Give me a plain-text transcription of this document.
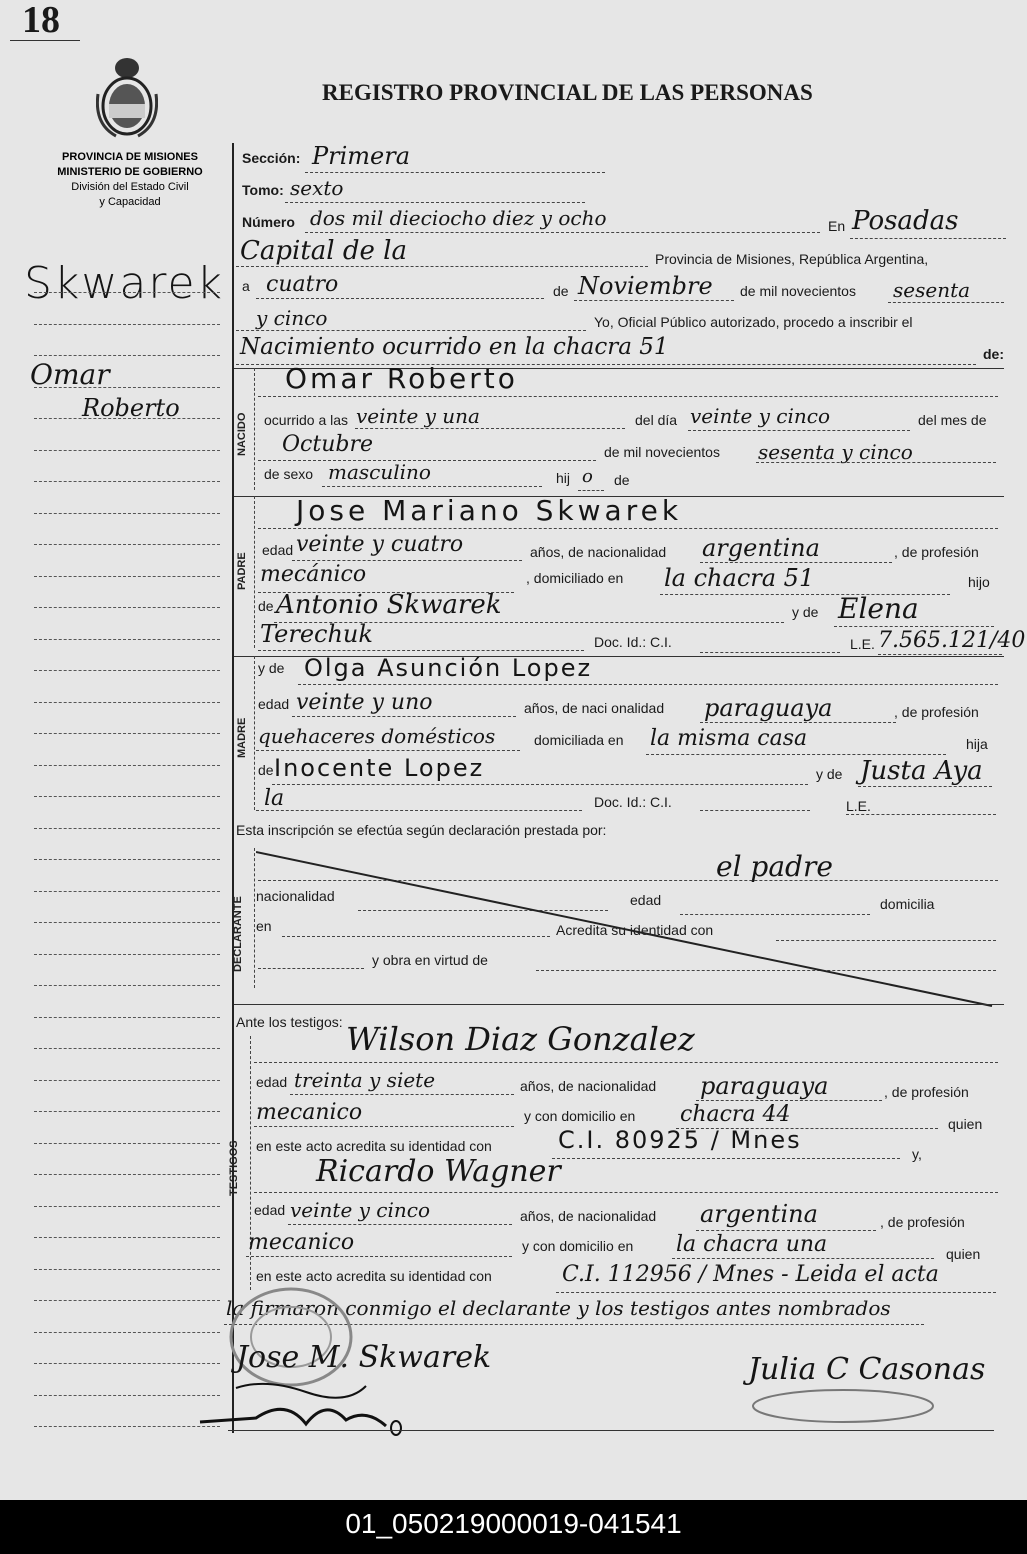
18
REGISTRO PROVINCIAL DE LAS PERSONAS
PROVINCIA DE MISIONES
MINISTERIO DE GOBIERNO
División del Estado Civil
y Capacidad
Skwarek
Omar
Roberto
Sección: Primera
Tomo: sexto
Número dos mil dieciocho diez y ocho	En Posadas
Capital de la	Provincia de Misiones, República Argentina,
a cuatro	de Noviembre de mil novecientos sesenta
y cinco	Yo, Oficial Público autorizado, procedo a inscribir el
Nacimiento ocurrido en la chacra 51	de:
NACIDO
Omar Roberto
ocurrido a las veinte y una	del día veinte y cinco	del mes de
Octubre	de mil novecientos sesenta y cinco
de sexo masculino	hij o de
PADRE
Jose Mariano Skwarek
edad veinte y cuatro	años, de nacionalidad argentina	, de profesión
mecánico	, domiciliado en la chacra 51	hijo
de Antonio Skwarek	y de Elena
Terechuk	Doc. Id.: C.I.	L.E. 7.565.121/40
MADRE
y de Olga Asunción Lopez
edad veinte y uno	años, de naci onalidad paraguaya	, de profesión
quehaceres domésticos	domiciliada en la misma casa	hija
de Inocente Lopez	y de Justa Aya
la	Doc. Id.: C.I.	L.E.
Esta inscripción se efectúa según declaración prestada por:
DECLARANTE
el padre
nacionalidad	edad	domicilia
en	Acredita su identidad con
y obra en virtud de
Ante los testigos:
TESTIGOS
Wilson Diaz Gonzalez
edad treinta y siete	años, de nacionalidad paraguaya	, de profesión
mecanico	y con domicilio en chacra 44	quien
en este acto acredita su identidad con	C.I. 80925 / Mnes	y,
Ricardo Wagner
edad veinte y cinco	años, de nacionalidad argentina	, de profesión
mecanico	y con domicilio en la chacra una	quien
en este acto acredita su identidad con	C.I. 112956 / Mnes - Leida el acta
la firmaron conmigo el declarante y los testigos antes nombrados
Jose M. Skwarek	Julia C Casonas
01_050219000019-041541
